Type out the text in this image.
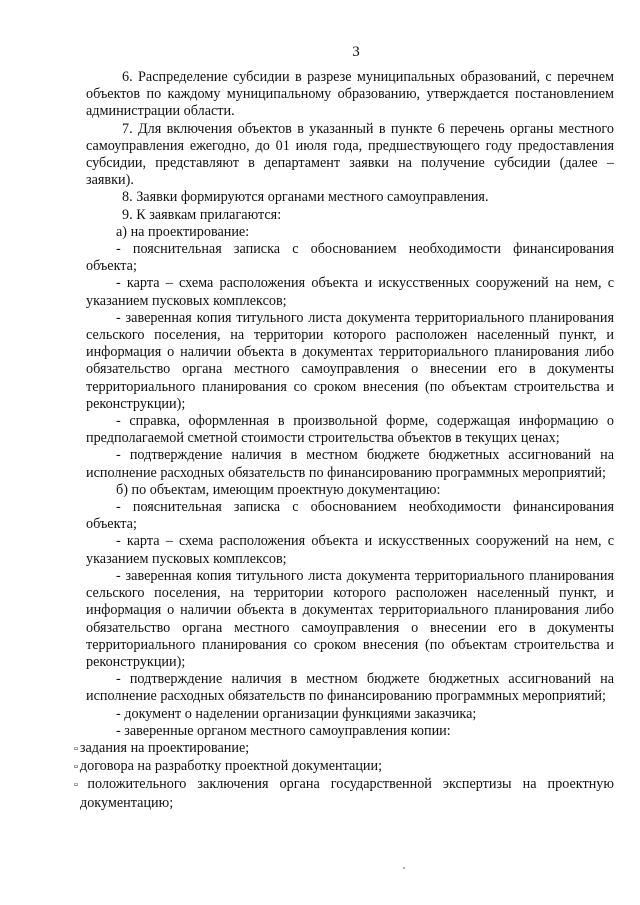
3

6. Распределение субсидии в разрезе муниципальных образований, с перечнем объектов по каждому муниципальному образованию, утверждается постановлением администрации области.

7. Для включения объектов в указанный в пункте 6 перечень органы местного самоуправления ежегодно, до 01 июля года, предшествующего году предоставления субсидии, представляют в департамент заявки на получение субсидии (далее – заявки).

8. Заявки формируются органами местного самоуправления.

9. К заявкам прилагаются:

а) на проектирование:

- пояснительная записка с обоснованием необходимости финансирования объекта;

- карта – схема расположения объекта и искусственных сооружений на нем, с указанием пусковых комплексов;

- заверенная копия титульного листа документа территориального планирования сельского поселения, на территории которого расположен населенный пункт, и информация о наличии объекта в документах территориального планирования либо обязательство органа местного самоуправления о внесении его в документы территориального планирования со сроком внесения (по объектам строительства и реконструкции);

- справка, оформленная в произвольной форме, содержащая информацию о предполагаемой сметной стоимости строительства объектов в текущих ценах;

- подтверждение наличия в местном бюджете бюджетных ассигнований на исполнение расходных обязательств по финансированию программных мероприятий;

б) по объектам, имеющим проектную документацию:

- пояснительная записка с обоснованием необходимости финансирования объекта;

- карта – схема расположения объекта и искусственных сооружений на нем, с указанием пусковых комплексов;

- заверенная копия титульного листа документа территориального планирования сельского поселения, на территории которого расположен населенный пункт, и информация о наличии объекта в документах территориального планирования либо обязательство органа местного самоуправления о внесении его в документы территориального планирования со сроком внесения (по объектам строительства и реконструкции);

- подтверждение наличия в местном бюджете бюджетных ассигнований на исполнение расходных обязательств по финансированию программных мероприятий;

- документ о наделении организации функциями заказчика;

- заверенные органом местного самоуправления копии:

▫ задания на проектирование;

▫ договора на разработку проектной документации;

▫ положительного заключения органа государственной экспертизы на проектную документацию;
